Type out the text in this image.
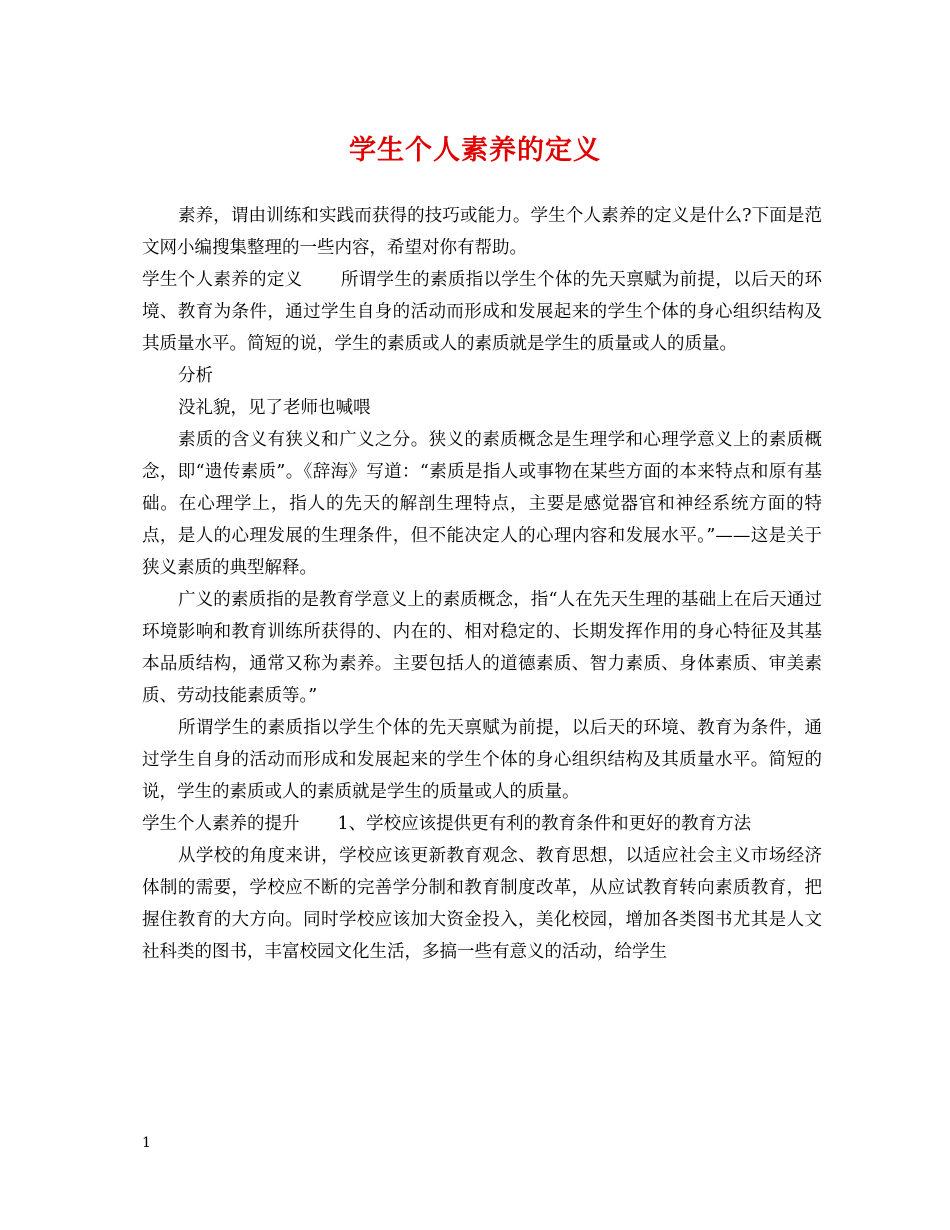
学生个人素养的定义

素养，谓由训练和实践而获得的技巧或能力。学生个人素养的定义是什么?下面是范文网小编搜集整理的一些内容，希望对你有帮助。

学生个人素养的定义 所谓学生的素质指以学生个体的先天禀赋为前提，以后天的环境、教育为条件，通过学生自身的活动而形成和发展起来的学生个体的身心组织结构及其质量水平。简短的说，学生的素质或人的素质就是学生的质量或人的质量。

分析

没礼貌，见了老师也喊喂

素质的含义有狭义和广义之分。狭义的素质概念是生理学和心理学意义上的素质概念，即“遗传素质”。《辞海》写道：“素质是指人或事物在某些方面的本来特点和原有基础。在心理学上，指人的先天的解剖生理特点，主要是感觉器官和神经系统方面的特点，是人的心理发展的生理条件，但不能决定人的心理内容和发展水平。”——这是关于狭义素质的典型解释。

广义的素质指的是教育学意义上的素质概念，指“人在先天生理的基础上在后天通过环境影响和教育训练所获得的、内在的、相对稳定的、长期发挥作用的身心特征及其基本品质结构，通常又称为素养。主要包括人的道德素质、智力素质、身体素质、审美素质、劳动技能素质等。”

所谓学生的素质指以学生个体的先天禀赋为前提，以后天的环境、教育为条件，通过学生自身的活动而形成和发展起来的学生个体的身心组织结构及其质量水平。简短的说，学生的素质或人的素质就是学生的质量或人的质量。

学生个人素养的提升 1、学校应该提供更有利的教育条件和更好的教育方法

从学校的角度来讲，学校应该更新教育观念、教育思想，以适应社会主义市场经济体制的需要，学校应不断的完善学分制和教育制度改革，从应试教育转向素质教育，把握住教育的大方向。同时学校应该加大资金投入，美化校园，增加各类图书尤其是人文社科类的图书，丰富校园文化生活，多搞一些有意义的活动，给学生

1
